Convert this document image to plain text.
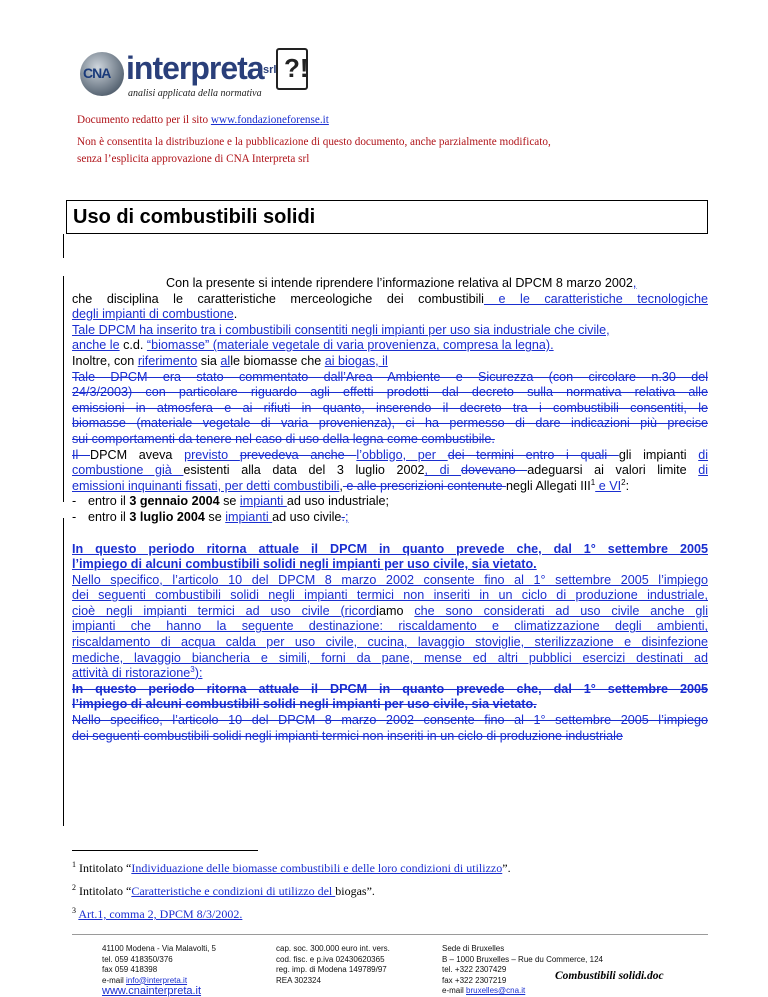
CNA interpreta srl
analisi applicata della normativa
?!
Documento redatto per il sito www.fondazioneforense.it
Non è consentita la distribuzione e la pubblicazione di questo documento, anche parzialmente modificato,
senza l’esplicita approvazione di CNA Interpreta srl
Uso di combustibili solidi
Con la presente si intende riprendere l’informazione relativa al DPCM 8 marzo 2002,
che disciplina le caratteristiche merceologiche dei combustibili e le caratteristiche tecnologiche
degli impianti di combustione.
Tale DPCM ha inserito tra i combustibili consentiti negli impianti per uso sia industriale che civile,
anche le c.d. “biomasse” (materiale vegetale di varia provenienza, compresa la legna).
Inoltre, con riferimento sia alle biomasse che ai biogas, il
Tale DPCM era stato commentato dall’Area Ambiente e Sicurezza (con circolare n.30 del
24/3/2003) con particolare riguardo agli effetti prodotti dal decreto sulla normativa relativa alle
emissioni in atmosfera e ai rifiuti in quanto, inserendo il decreto tra i combustibili consentiti, le
biomasse (materiale vegetale di varia provenienza), ci ha permesso di dare indicazioni più precise
sui comportamenti da tenere nel caso di uso della legna come combustibile.
Il DPCM aveva previsto prevedeva anche l’obbligo, per dei termini entro i quali gli impianti di
combustione già esistenti alla data del 3 luglio 2002, di dovevano adeguarsi ai valori limite di
emissioni inquinanti fissati, per detti combustibili, e alle prescrizioni contenute negli Allegati III$^1$ e $VI^2$:
- entro il 3 gennaio 2004 se impianti ad uso industriale;
- entro il 3 luglio 2004 se impianti ad uso civile.;
In questo periodo ritorna attuale il DPCM in quanto prevede che, dal 1° settembre 2005
l’impiego di alcuni combustibili solidi negli impianti per uso civile, sia vietato.
Nello specifico, l’articolo 10 del DPCM 8 marzo 2002 consente fino al 1° settembre 2005 l’impiego
dei seguenti combustibili solidi negli impianti termici non inseriti in un ciclo di produzione industriale,
cioè negli impianti termici ad uso civile (ricordiamo che sono considerati ad uso civile anche gli
impianti che hanno la seguente destinazione: riscaldamento e climatizzazione degli ambienti,
riscaldamento di acqua calda per uso civile, cucina, lavaggio stoviglie, sterilizzazione e disinfezione
mediche, lavaggio biancheria e simili, forni da pane, mense ed altri pubblici esercizi destinati ad
attività di ristorazione$^3$):
In questo periodo ritorna attuale il DPCM in quanto prevede che, dal 1° settembre 2005
l’impiego di alcuni combustibili solidi negli impianti per uso civile, sia vietato.
Nello specifico, l’articolo 10 del DPCM 8 marzo 2002 consente fino al 1° settembre 2005 l’impiego
dei seguenti combustibili solidi negli impianti termici non inseriti in un ciclo di produzione industriale
$^1$ Intitolato “Individuazione delle biomasse combustibili e delle loro condizioni di utilizzo”.
$^2$ Intitolato “Caratteristiche e condizioni di utilizzo del biogas”.
$^3$ Art.1, comma 2, DPCM 8/3/2002.
41100 Modena - Via Malavolti, 5
tel. 059 418350/376
fax 059 418398
e-mail info@interpreta.it
www.cnainterpreta.it
cap. soc. 300.000 euro int. vers.
cod. fisc. e p.iva 02430620365
reg. imp. di Modena 149789/97
REA 302324
Sede di Bruxelles
B – 1000 Bruxelles – Rue du Commerce, 124
tel. +322 2307429
fax +322 2307219
e-mail bruxelles@cna.it
Combustibili solidi.doc
